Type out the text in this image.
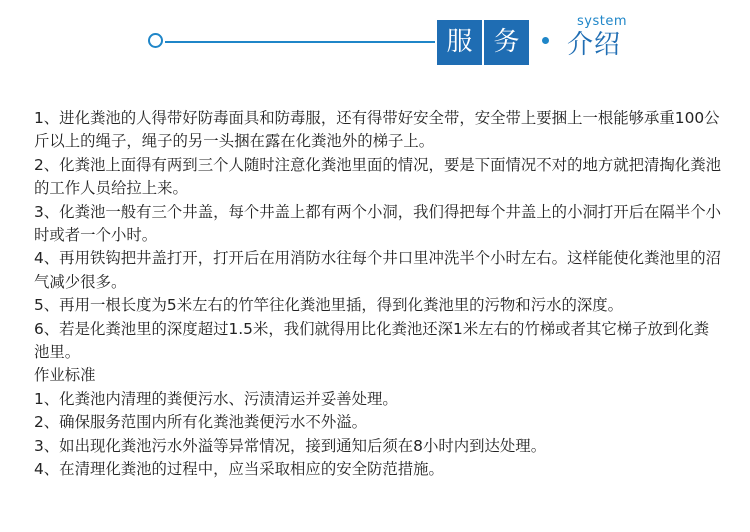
服 务
system
介绍

1、进化粪池的人得带好防毒面具和防毒服，还有得带好安全带，安全带上要捆上一根能够承重100公斤以上的绳子，绳子的另一头捆在露在化粪池外的梯子上。

2、化粪池上面得有两到三个人随时注意化粪池里面的情况，要是下面情况不对的地方就把清掏化粪池的工作人员给拉上来。

3、化粪池一般有三个井盖，每个井盖上都有两个小洞，我们得把每个井盖上的小洞打开后在隔半个小时或者一个小时。

4、再用铁钩把井盖打开，打开后在用消防水往每个井口里冲洗半个小时左右。这样能使化粪池里的沼气减少很多。

5、再用一根长度为5米左右的竹竿往化粪池里插，得到化粪池里的污物和污水的深度。

6、若是化粪池里的深度超过1.5米，我们就得用比化粪池还深1米左右的竹梯或者其它梯子放到化粪池里。

作业标准

1、化粪池内清理的粪便污水、污渍清运并妥善处理。

2、确保服务范围内所有化粪池粪便污水不外溢。

3、如出现化粪池污水外溢等异常情况，接到通知后须在8小时内到达处理。

4、在清理化粪池的过程中，应当采取相应的安全防范措施。
